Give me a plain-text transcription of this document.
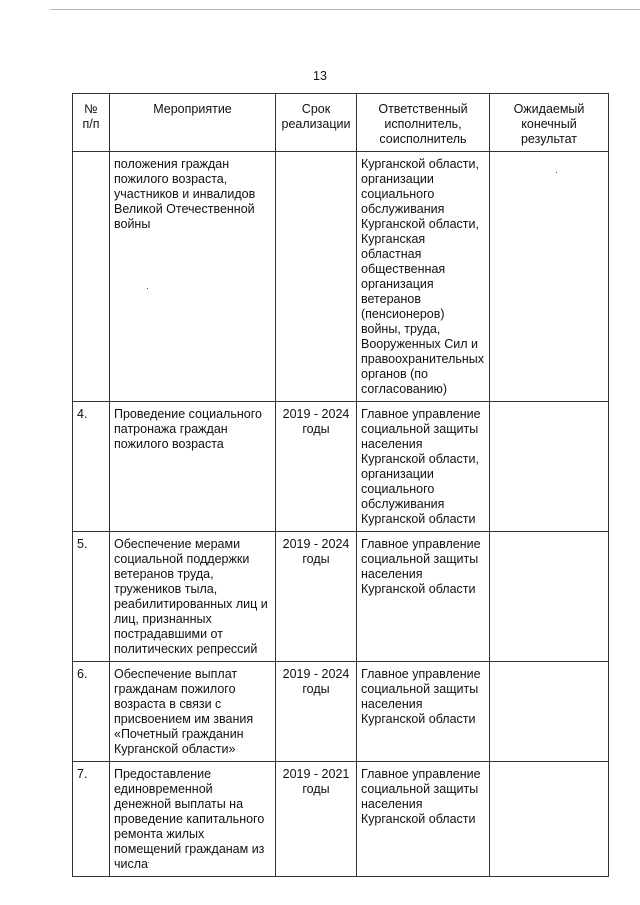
13
№
п/п	Мероприятие	Срок реализации	Ответственный исполнитель, соисполнитель	Ожидаемый конечный результат
	положения граждан пожилого возраста, участников и инвалидов Великой Отечественной войны		Курганской области, организации социального обслуживания Курганской области, Курганская областная общественная организация ветеранов (пенсионеров) войны, труда, Вооруженных Сил и правоохранительных органов (по согласованию)	
4.	Проведение социального патронажа граждан пожилого возраста	2019 - 2024 годы	Главное управление социальной защиты населения Курганской области, организации социального обслуживания Курганской области	
5.	Обеспечение мерами социальной поддержки ветеранов труда, тружеников тыла, реабилитированных лиц и лиц, признанных пострадавшими от политических репрессий	2019 - 2024 годы	Главное управление социальной защиты населения Курганской области	
6.	Обеспечение выплат гражданам пожилого возраста в связи с присвоением им звания «Почетный гражданин Курганской области»	2019 - 2024 годы	Главное управление социальной защиты населения Курганской области	
7.	Предоставление единовременной денежной выплаты на проведение капитального ремонта жилых помещений гражданам из числа	2019 - 2021 годы	Главное управление социальной защиты населения Курганской области	
